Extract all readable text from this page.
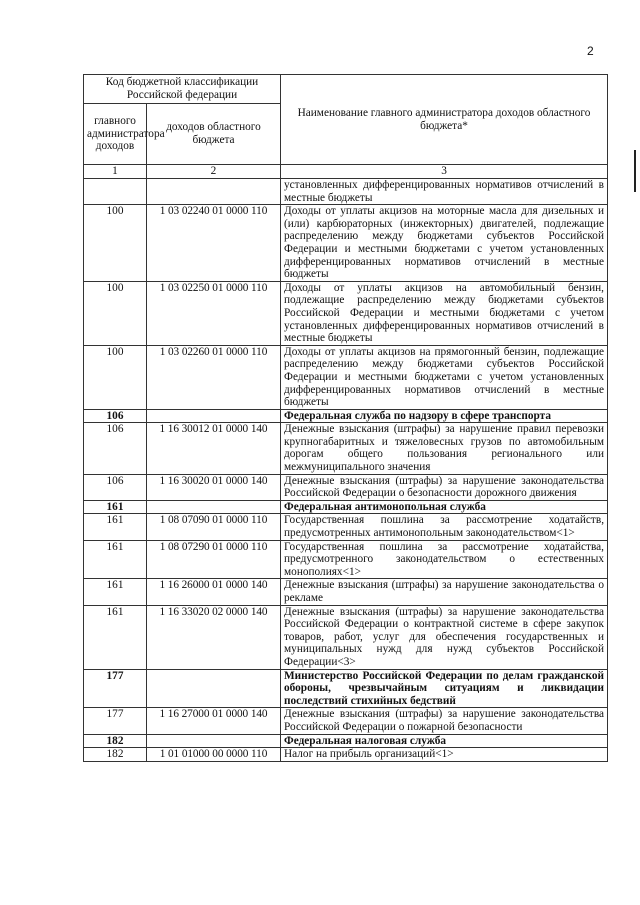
2
Код бюджетной классификации Российской федерации		Наименование главного администратора доходов областного бюджета*
главного администратора доходов	доходов областного бюджета	
1	2	3
		установленных дифференцированных нормативов отчислений в местные бюджеты
100	1 03 02240 01 0000 110	Доходы от уплаты акцизов на моторные масла для дизельных и (или) карбюраторных (инжекторных) двигателей, подлежащие распределению между бюджетами субъектов Российской Федерации и местными бюджетами с учетом установленных дифференцированных нормативов отчислений в местные бюджеты
100	1 03 02250 01 0000 110	Доходы от уплаты акцизов на автомобильный бензин, подлежащие распределению между бюджетами субъектов Российской Федерации и местными бюджетами с учетом установленных дифференцированных нормативов отчислений в местные бюджеты
100	1 03 02260 01 0000 110	Доходы от уплаты акцизов на прямогонный бензин, подлежащие распределению между бюджетами субъектов Российской Федерации и местными бюджетами с учетом установленных дифференцированных нормативов отчислений в местные бюджеты
106		Федеральная служба по надзору в сфере транспорта
106	1 16 30012 01 0000 140	Денежные взыскания (штрафы) за нарушение правил перевозки крупногабаритных и тяжеловесных грузов по автомобильным дорогам общего пользования регионального или межмуниципального значения
106	1 16 30020 01 0000 140	Денежные взыскания (штрафы) за нарушение законодательства Российской Федерации о безопасности дорожного движения
161		Федеральная антимонопольная служба
161	1 08 07090 01 0000 110	Государственная пошлина за рассмотрение ходатайств, предусмотренных антимонопольным законодательством<1>
161	1 08 07290 01 0000 110	Государственная пошлина за рассмотрение ходатайства, предусмотренного законодательством о естественных монополиях<1>
161	1 16 26000 01 0000 140	Денежные взыскания (штрафы) за нарушение законодательства о рекламе
161	1 16 33020 02 0000 140	Денежные взыскания (штрафы) за нарушение законодательства Российской Федерации о контрактной системе в сфере закупок товаров, работ, услуг для обеспечения государственных и муниципальных нужд для нужд субъектов Российской Федерации<3>
177		Министерство Российской Федерации по делам гражданской обороны, чрезвычайным ситуациям и ликвидации последствий стихийных бедствий
177	1 16 27000 01 0000 140	Денежные взыскания (штрафы) за нарушение законодательства Российской Федерации о пожарной безопасности
182		Федеральная налоговая служба
182	1 01 01000 00 0000 110	Налог на прибыль организаций<1>
